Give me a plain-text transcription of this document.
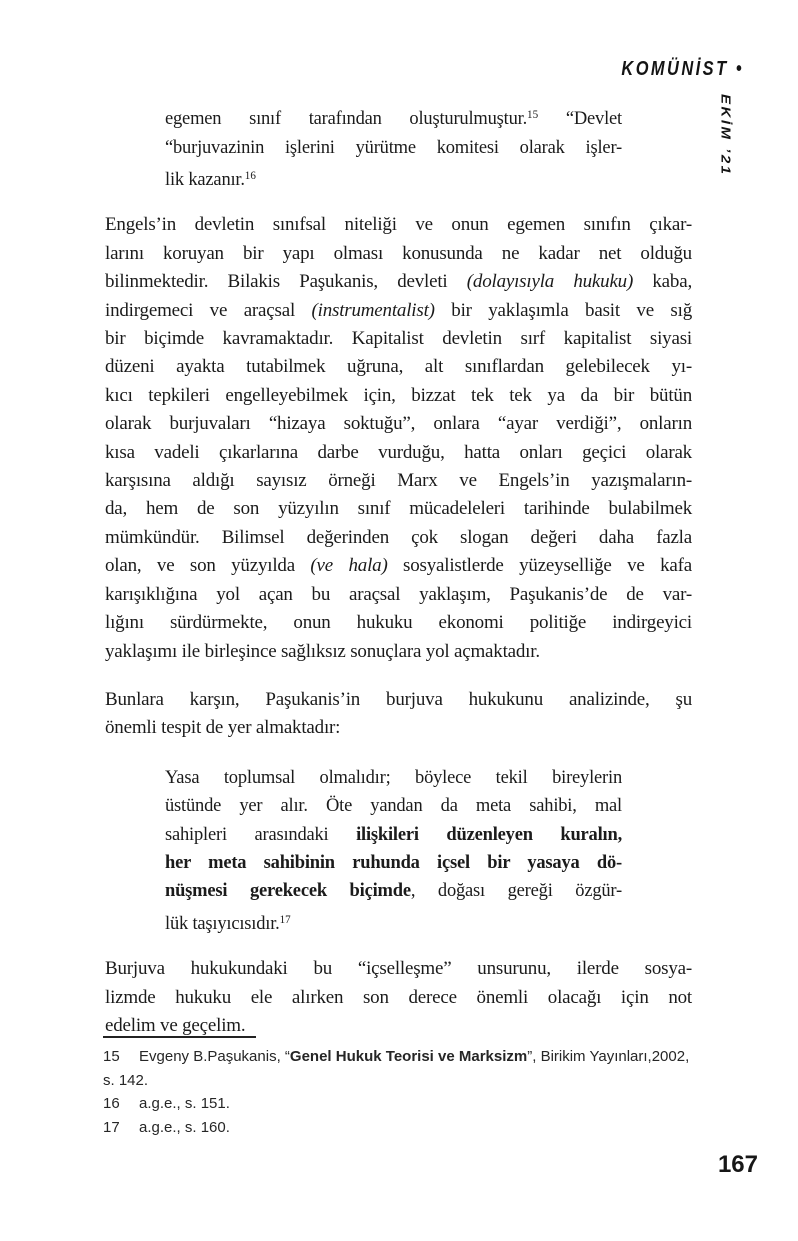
KOMÜNİST •
EKİM ’21
egemen sınıf tarafından oluşturulmuştur.$^{15}$ “Devlet
“burjuvazinin işlerini yürütme komitesi olarak işler-
lik kazanır.$^{16}$
Engels’in devletin sınıfsal niteliği ve onun egemen sınıfın çıkar-
larını koruyan bir yapı olması konusunda ne kadar net olduğu
bilinmektedir. Bilakis Paşukanis, devleti (dolayısıyla hukuku) kaba,
indirgemeci ve araçsal (instrumentalist) bir yaklaşımla basit ve sığ
bir biçimde kavramaktadır. Kapitalist devletin sırf kapitalist siyasi
düzeni ayakta tutabilmek uğruna, alt sınıflardan gelebilecek yı-
kıcı tepkileri engelleyebilmek için, bizzat tek tek ya da bir bütün
olarak burjuvaları “hizaya soktuğu”, onlara “ayar verdiği”, onların
kısa vadeli çıkarlarına darbe vurduğu, hatta onları geçici olarak
karşısına aldığı sayısız örneği Marx ve Engels’in yazışmaların-
da, hem de son yüzyılın sınıf mücadeleleri tarihinde bulabilmek
mümkündür. Bilimsel değerinden çok slogan değeri daha fazla
olan, ve son yüzyılda (ve hala) sosyalistlerde yüzeyselliğe ve kafa
karışıklığına yol açan bu araçsal yaklaşım, Paşukanis’de de var-
lığını sürdürmekte, onun hukuku ekonomi politiğe indirgeyici
yaklaşımı ile birleşince sağlıksız sonuçlara yol açmaktadır.
Bunlara karşın, Paşukanis’in burjuva hukukunu analizinde, şu
önemli tespit de yer almaktadır:
Yasa toplumsal olmalıdır; böylece tekil bireylerin
üstünde yer alır. Öte yandan da meta sahibi, mal
sahipleri arasındaki ilişkileri düzenleyen kuralın,
her meta sahibinin ruhunda içsel bir yasaya dö-
nüşmesi gerekecek biçimde, doğası gereği özgür-
lük taşıyıcısıdır.$^{17}$
Burjuva hukukundaki bu “içselleşme” unsurunu, ilerde sosya-
lizmde hukuku ele alırken son derece önemli olacağı için not
edelim ve geçelim.
15 Evgeny B.Paşukanis, “Genel Hukuk Teorisi ve Marksizm”, Birikim Yayınları,2002,
s. 142.
16 a.g.e., s. 151.
17 a.g.e., s. 160.
167
